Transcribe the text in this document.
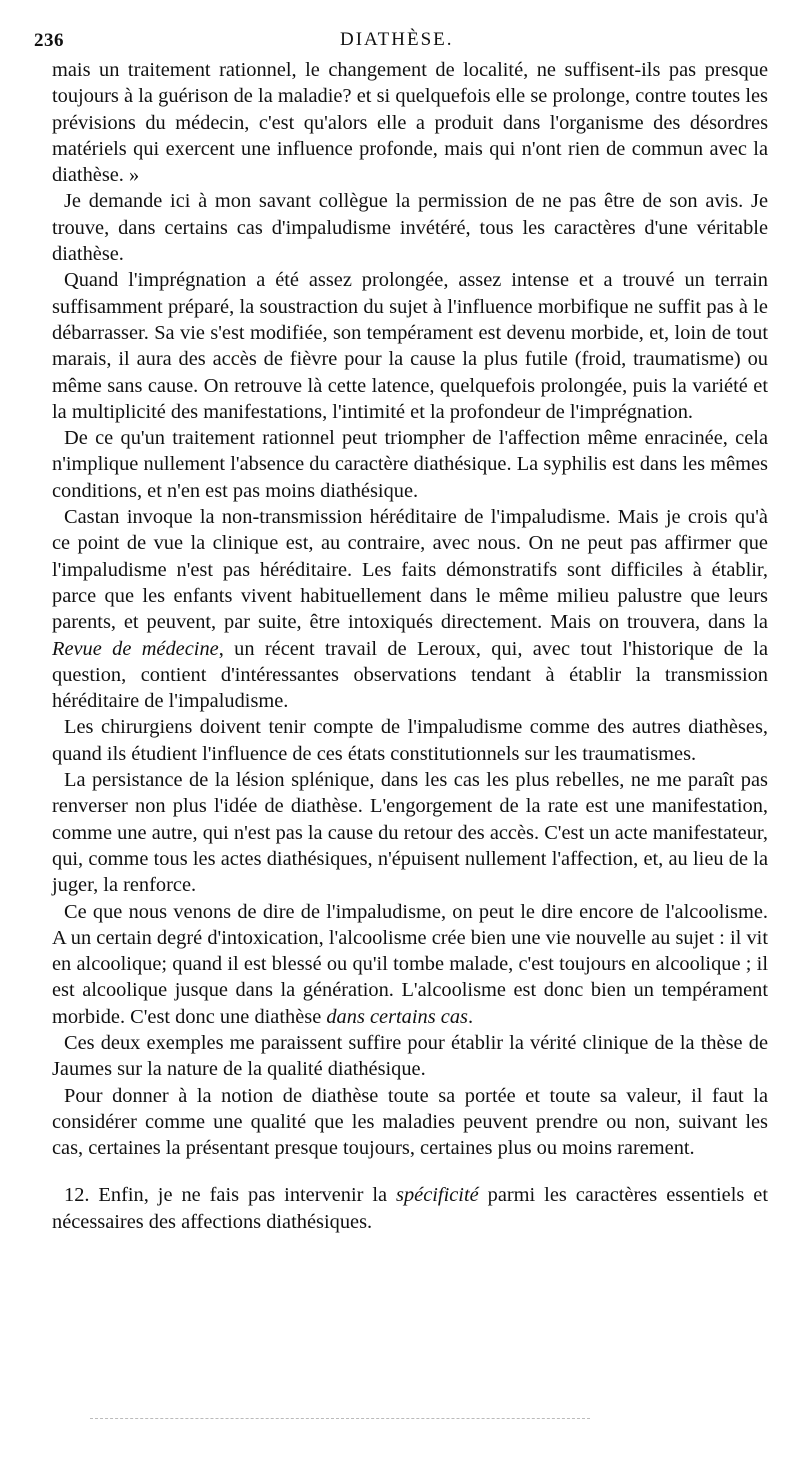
236	DIATHÈSE.

mais un traitement rationnel, le changement de localité, ne suffisent-ils pas presque toujours à la guérison de la maladie? et si quelquefois elle se prolonge, contre toutes les prévisions du médecin, c'est qu'alors elle a produit dans l'organisme des désordres matériels qui exercent une influence profonde, mais qui n'ont rien de commun avec la diathèse. »

Je demande ici à mon savant collègue la permission de ne pas être de son avis. Je trouve, dans certains cas d'impaludisme invétéré, tous les caractères d'une véritable diathèse.

Quand l'imprégnation a été assez prolongée, assez intense et a trouvé un terrain suffisamment préparé, la soustraction du sujet à l'influence morbifique ne suffit pas à le débarrasser. Sa vie s'est modifiée, son tempérament est devenu morbide, et, loin de tout marais, il aura des accès de fièvre pour la cause la plus futile (froid, traumatisme) ou même sans cause. On retrouve là cette latence, quelquefois prolongée, puis la variété et la multiplicité des manifestations, l'intimité et la profondeur de l'imprégnation.

De ce qu'un traitement rationnel peut triompher de l'affection même enracinée, cela n'implique nullement l'absence du caractère diathésique. La syphilis est dans les mêmes conditions, et n'en est pas moins diathésique.

Castan invoque la non-transmission héréditaire de l'impaludisme. Mais je crois qu'à ce point de vue la clinique est, au contraire, avec nous. On ne peut pas affirmer que l'impaludisme n'est pas héréditaire. Les faits démonstratifs sont difficiles à établir, parce que les enfants vivent habituellement dans le même milieu palustre que leurs parents, et peuvent, par suite, être intoxiqués directement. Mais on trouvera, dans la Revue de médecine, un récent travail de Leroux, qui, avec tout l'historique de la question, contient d'intéressantes observations tendant à établir la transmission héréditaire de l'impaludisme.

Les chirurgiens doivent tenir compte de l'impaludisme comme des autres diathèses, quand ils étudient l'influence de ces états constitutionnels sur les traumatismes.

La persistance de la lésion splénique, dans les cas les plus rebelles, ne me paraît pas renverser non plus l'idée de diathèse. L'engorgement de la rate est une manifestation, comme une autre, qui n'est pas la cause du retour des accès. C'est un acte manifestateur, qui, comme tous les actes diathésiques, n'épuisent nullement l'affection, et, au lieu de la juger, la renforce.

Ce que nous venons de dire de l'impaludisme, on peut le dire encore de l'alcoolisme. A un certain degré d'intoxication, l'alcoolisme crée bien une vie nouvelle au sujet : il vit en alcoolique; quand il est blessé ou qu'il tombe malade, c'est toujours en alcoolique ; il est alcoolique jusque dans la génération. L'alcoolisme est donc bien un tempérament morbide. C'est donc une diathèse dans certains cas.

Ces deux exemples me paraissent suffire pour établir la vérité clinique de la thèse de Jaumes sur la nature de la qualité diathésique.

Pour donner à la notion de diathèse toute sa portée et toute sa valeur, il faut la considérer comme une qualité que les maladies peuvent prendre ou non, suivant les cas, certaines la présentant presque toujours, certaines plus ou moins rarement.

12. Enfin, je ne fais pas intervenir la spécificité parmi les caractères essentiels et nécessaires des affections diathésiques.
